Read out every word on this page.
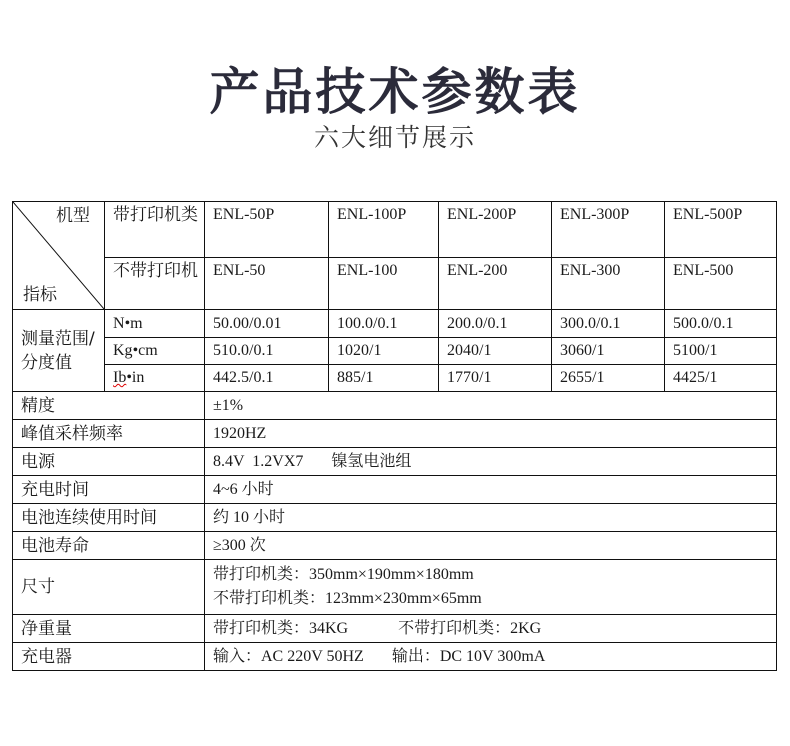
产品技术参数表
六大细节展示
机型
指标	带打印机类	ENL-50P	ENL-100P	ENL-200P	ENL-300P	ENL-500P
	不带打印机	ENL-50	ENL-100	ENL-200	ENL-300	ENL-500
测量范围/ 分度值	N•m	50.00/0.01	100.0/0.1	200.0/0.1	300.0/0.1	500.0/0.1
	Kg•cm	510.0/0.1	1020/1	2040/1	3060/1	5100/1
	Ib•in	442.5/0.1	885/1	1770/1	2655/1	4425/1
精度		±1%				
峰值采样频率		1920HZ				
电源		8.4V  1.2VX7 镍氢电池组				
充电时间		4~6 小时				
电池连续使用时间		约 10 小时				
电池寿命		≥300 次				
尺寸		带打印机类：350mm×190mm×180mm
不带打印机类：123mm×230mm×65mm				

净重量		带打印机类：34KG 不带打印机类：2KG				
充电器		输入：AC 220V 50HZ 输出：DC 10V 300mA				
